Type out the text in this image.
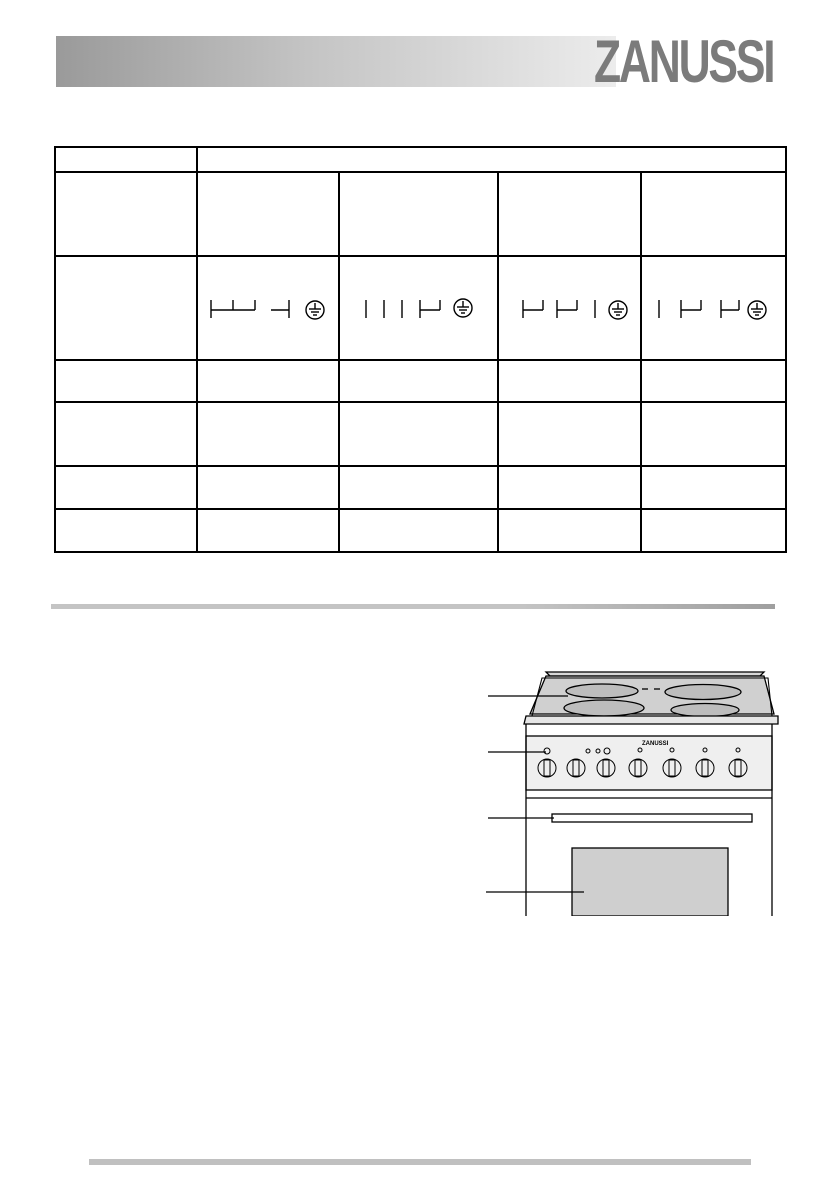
ZANUSSI

ZANUSSI
